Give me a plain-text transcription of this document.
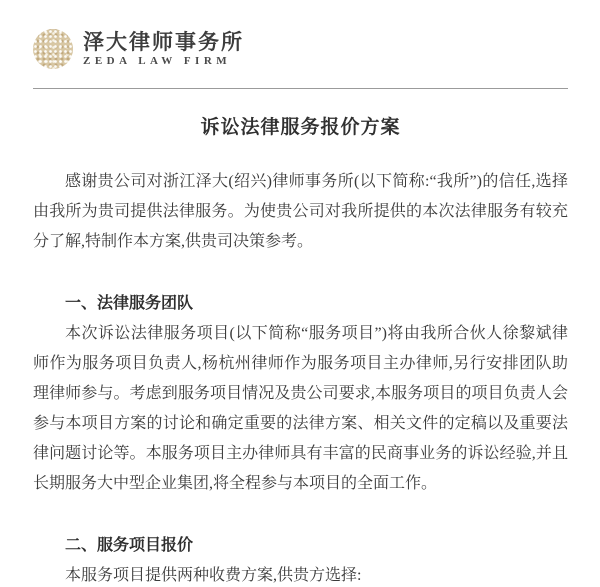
泽大律师事务所
ZEDA LAW FIRM
诉讼法律服务报价方案

感谢贵公司对浙江泽大(绍兴)律师事务所(以下简称:“我所”)的信任,选择由我所为贵司提供法律服务。为使贵公司对我所提供的本次法律服务有较充分了解,特制作本方案,供贵司决策参考。

一、法律服务团队

本次诉讼法律服务项目(以下简称“服务项目”)将由我所合伙人徐黎斌律师作为服务项目负责人,杨杭州律师作为服务项目主办律师,另行安排团队助理律师参与。考虑到服务项目情况及贵公司要求,本服务项目的项目负责人会参与本项目方案的讨论和确定重要的法律方案、相关文件的定稿以及重要法律问题讨论等。本服务项目主办律师具有丰富的民商事业务的诉讼经验,并且长期服务大中型企业集团,将全程参与本项目的全面工作。

二、服务项目报价

本服务项目提供两种收费方案,供贵方选择:
